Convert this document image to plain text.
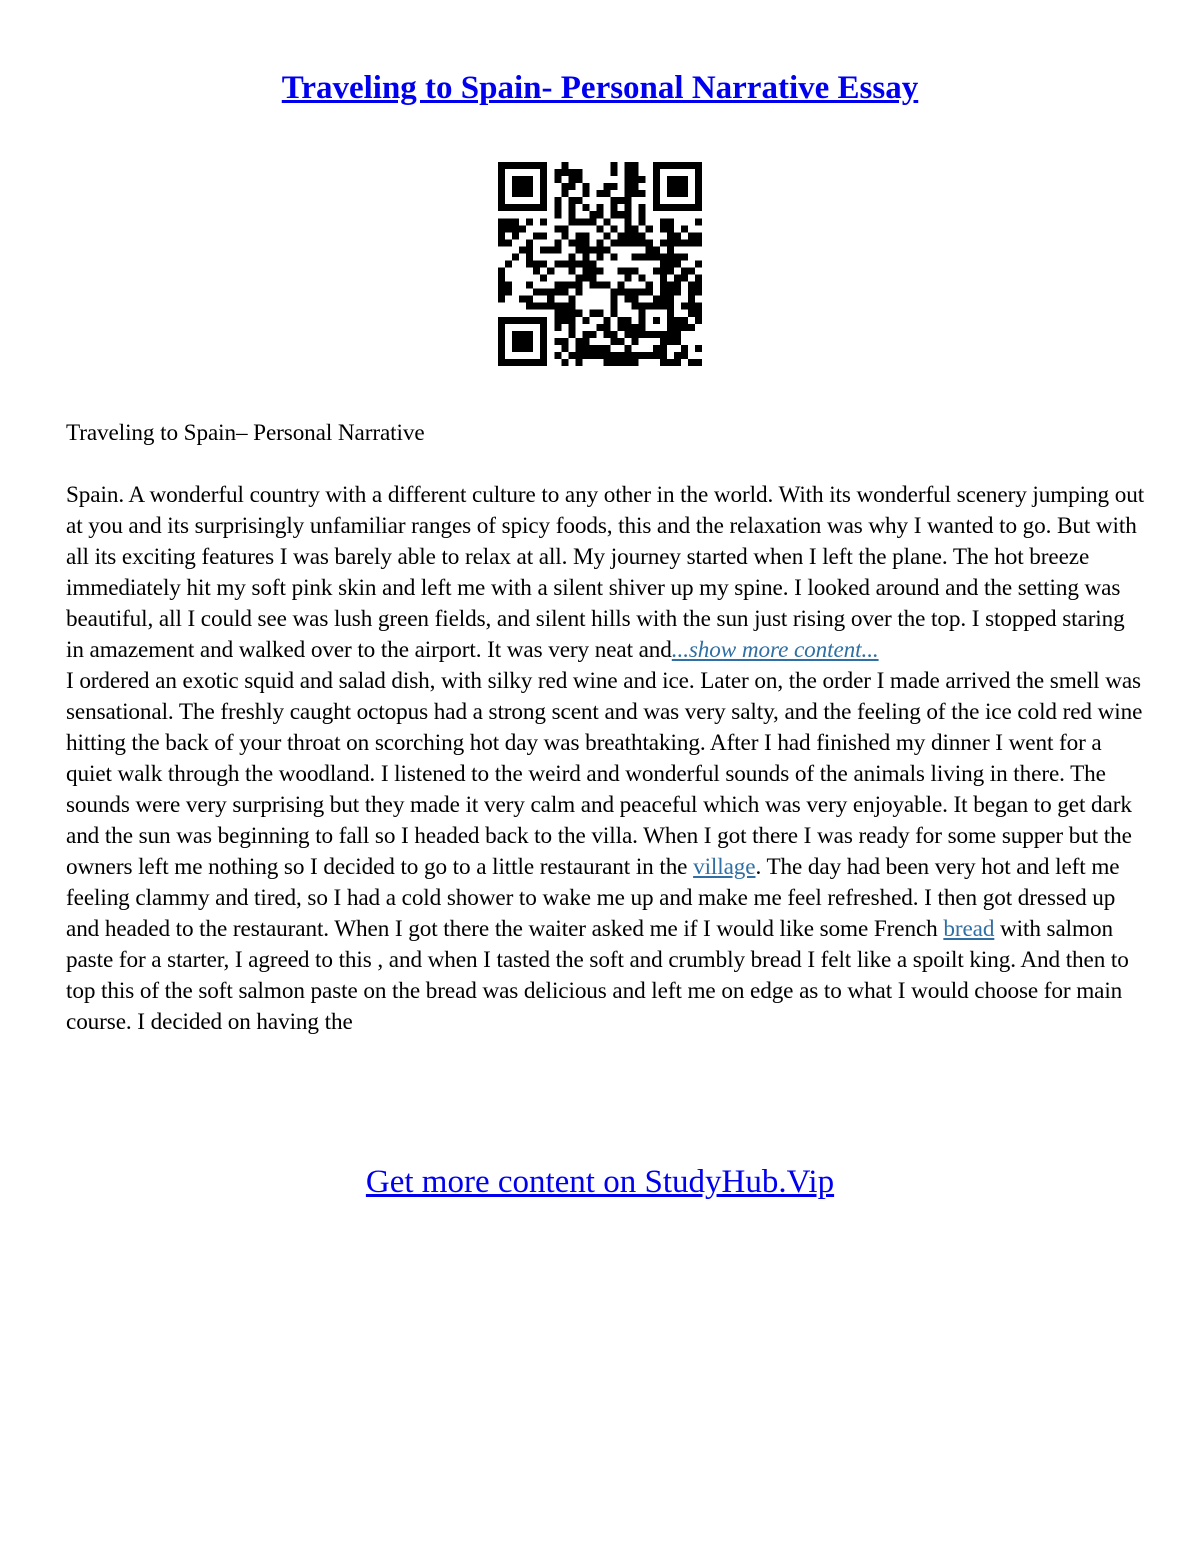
Traveling to Spain- Personal Narrative Essay

Traveling to Spain– Personal Narrative

Spain. A wonderful country with a different culture to any other in the world. With its wonderful scenery jumping out at you and its surprisingly unfamiliar ranges of spicy foods, this and the relaxation was why I wanted to go. But with all its exciting features I was barely able to relax at all. My journey started when I left the plane. The hot breeze immediately hit my soft pink skin and left me with a silent shiver up my spine. I looked around and the setting was beautiful, all I could see was lush green fields, and silent hills with the sun just rising over the top. I stopped staring in amazement and walked over to the airport. It was very neat and...show more content...

I ordered an exotic squid and salad dish, with silky red wine and ice. Later on, the order I made arrived the smell was sensational. The freshly caught octopus had a strong scent and was very salty, and the feeling of the ice cold red wine hitting the back of your throat on scorching hot day was breathtaking. After I had finished my dinner I went for a quiet walk through the woodland. I listened to the weird and wonderful sounds of the animals living in there. The sounds were very surprising but they made it very calm and peaceful which was very enjoyable. It began to get dark and the sun was beginning to fall so I headed back to the villa. When I got there I was ready for some supper but the owners left me nothing so I decided to go to a little restaurant in the village. The day had been very hot and left me feeling clammy and tired, so I had a cold shower to wake me up and make me feel refreshed. I then got dressed up and headed to the restaurant. When I got there the waiter asked me if I would like some French bread with salmon paste for a starter, I agreed to this , and when I tasted the soft and crumbly bread I felt like a spoilt king. And then to top this of the soft salmon paste on the bread was delicious and left me on edge as to what I would choose for main course. I decided on having the

Get more content on StudyHub.Vip
